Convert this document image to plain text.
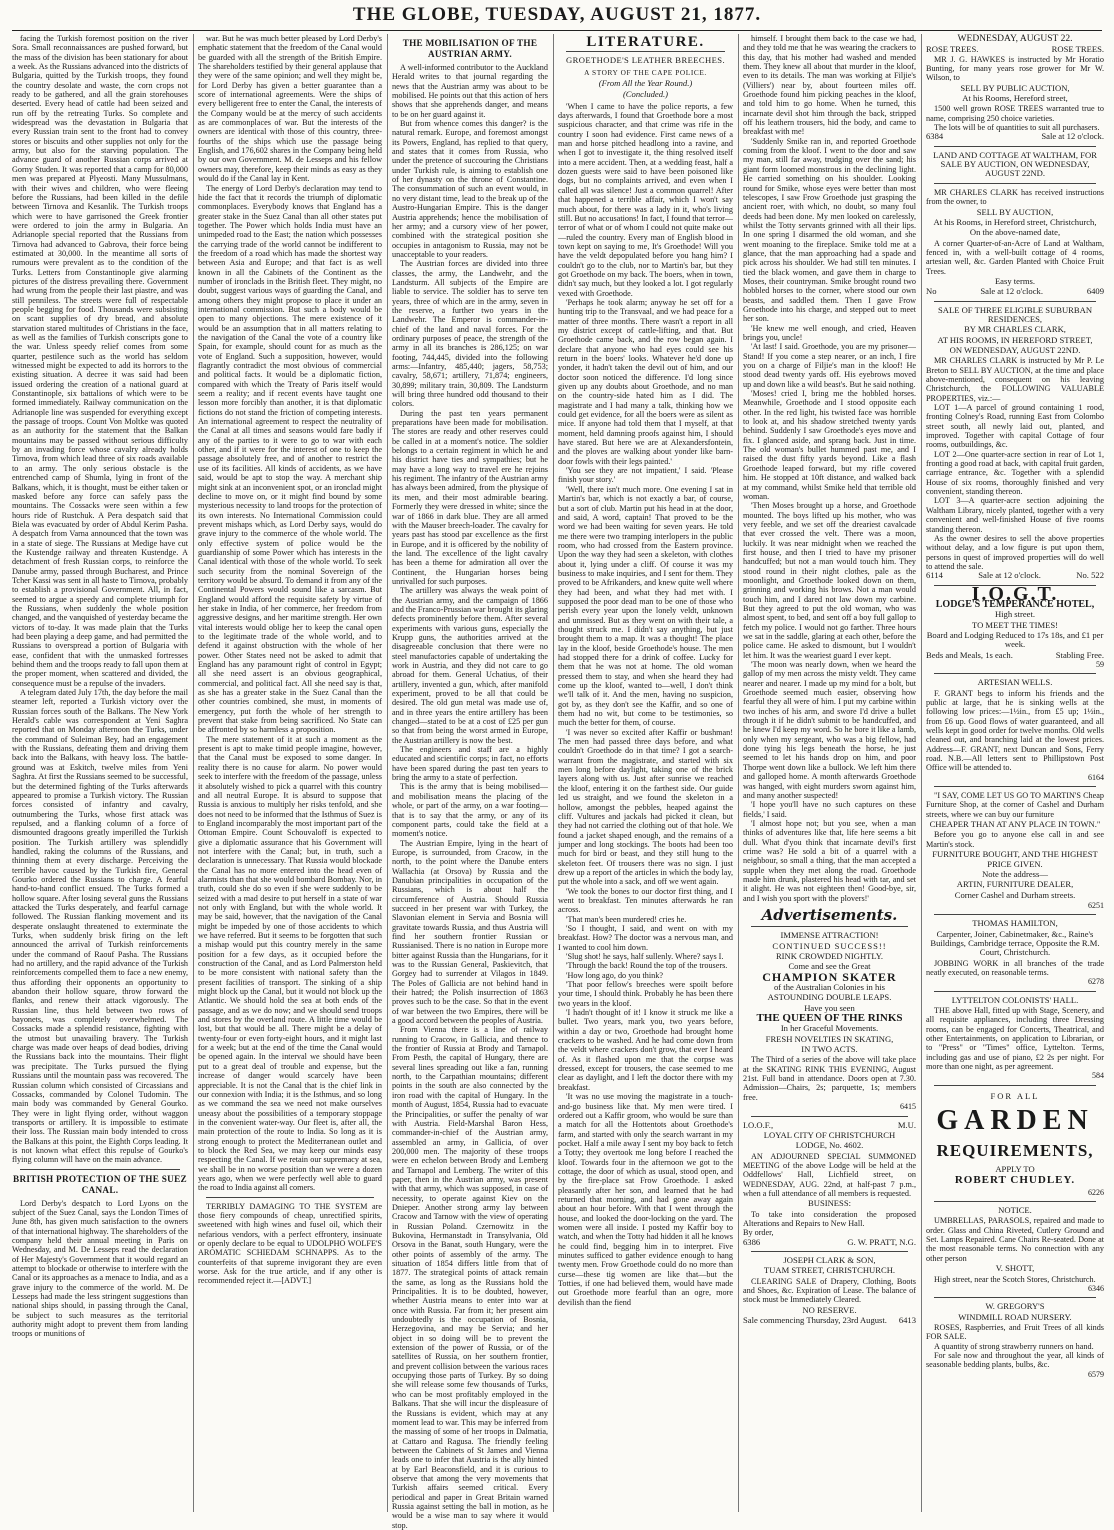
THE GLOBE, TUESDAY, AUGUST 21, 1877.

facing the Turkish foremost position on the river Sora. Small reconnaissances are pushed forward, but the mass of the division has been stationary for about a week. As the Russians advanced into the districts of Bulgaria, quitted by the Turkish troops, they found the country desolate and waste, the corn crops not ready to be gathered, and all the grain storehouses deserted. Every head of cattle had been seized and run off by the retreating Turks. So complete and widespread was the devastation in Bulgaria that every Russian train sent to the front had to convey stores or biscuits and other supplies not only for the army, but also for the starving population. The advance guard of another Russian corps arrived at Gorny Studen. It was reported that a camp for 80,000 men was prepared at Plyeosti. Many Mussulmans, with their wives and children, who were fleeing before the Russians, had been killed in the defile between Tirnova and Kesanlik. The Turkish troops which were to have garrisoned the Greek frontier were ordered to join the army in Bulgaria. An Adrianople special reported that the Russians from Tirnova had advanced to Gabrova, their force being estimated at 30,000. In the meantime all sorts of rumours were prevalent as to the condition of the Turks. Letters from Constantinople give alarming pictures of the distress prevailing there. Government had wrung from the people their last piastre, and was still penniless. The streets were full of respectable people begging for food. Thousands were subsisting on scant supplies of dry bread, and absolute starvation stared multitudes of Christians in the face, as well as the families of Turkish conscripts gone to the war. Unless speedy relief comes from some quarter, pestilence such as the world has seldom witnessed might be expected to add its horrors to the existing situation. A decree it was said had been issued ordering the creation of a national guard at Constantinople, six battalions of which were to be formed immediately. Railway communication on the Adrianople line was suspended for everything except the passage of troops. Count Von Moltke was quoted as an authority for the statement that the Balkan mountains may be passed without serious difficulty by an invading force whose cavalry already holds Tirnova, from which lead three of six roads available to an army. The only serious obstacle is the entrenched camp of Shumla, lying in front of the Balkans, which, it is thought, must be either taken or masked before any force can safely pass the mountains. The Cossacks were seen within a few hours ride of Rustchuk. A Pera despatch said that Biela was evacuated by order of Abdul Kerim Pasha. A despatch from Varna announced that the town was in a state of siege. The Russians at Medige have cut the Kustendge railway and threaten Kustendge. A detachment of fresh Russian corps, to reinforce the Danube army, passed through Bucharest, and Prince Tcher Kassi was sent in all haste to Tirnova, probably to establish a provisional Government. All, in fact, seemed to argue a speedy and complete triumph for the Russians, when suddenly the whole position changed, and the vanquished of yesterday became the victors of to-day. It was made plain that the Turks had been playing a deep game, and had permitted the Russians to overspread a portion of Bulgaria with ease, confident that with the unmasked fortresses behind them and the troops ready to fall upon them at the proper moment, when scattered and divided, the consequence must be a repulse of the invaders.

A telegram dated July 17th, the day before the mail steamer left, reported a Turkish victory over the Russian forces south of the Balkans. The New York Herald's cable was correspondent at Yeni Saghra reported that on Monday afternoon the Turks, under the command of Suleiman Bey, had an engagement with the Russians, defeating them and driving them back into the Balkans, with heavy loss. The battle-ground was at Eskitch, twelve miles from Yeni Saghra. At first the Russians seemed to be successful, but the determined fighting of the Turks afterwards appeared to promise a Turkish victory. The Russian forces consisted of infantry and cavalry, outnumbering the Turks, whose first attack was repulsed, and a flanking column of a force of dismounted dragoons greatly imperilled the Turkish position. The Turkish artillery was splendidly handled, raking the columns of the Russians, and thinning them at every discharge. Perceiving the terrible havoc caused by the Turkish fire, General Gourko ordered the Russians to charge. A fearful hand-to-hand conflict ensued. The Turks formed a hollow square. After losing several guns the Russians attacked the Turks desperately, and fearful carnage followed. The Russian flanking movement and its desperate onslaught threatened to exterminate the Turks, when suddenly brisk firing on the left announced the arrival of Turkish reinforcements under the command of Raouf Pasha. The Russians had no artillery, and the rapid advance of the Turkish reinforcements compelled them to face a new enemy, thus affording their opponents an opportunity to abandon their hollow square, throw forward the flanks, and renew their attack vigorously. The Russian line, thus held between two rows of bayonets, was completely overwhelmed. The Cossacks made a splendid resistance, fighting with the utmost but unavailing bravery. The Turkish charge was made over heaps of dead bodies, driving the Russians back into the mountains. Their flight was precipitate. The Turks pursued the flying Russians until the mountain pass was recovered. The Russian column which consisted of Circassians and Cossacks, commanded by Colonel Tudomin. The main body was commanded by General Gourko. They were in light flying order, without waggon transports or artillery. It is impossible to estimate their loss. The Russian main body intended to cross the Balkans at this point, the Eighth Corps leading. It is not known what effect this repulse of Gourko's flying column will have on the main advance.

BRITISH PROTECTION OF THE SUEZ CANAL.

Lord Derby's despatch to Lord Lyons on the subject of the Suez Canal, says the London Times of June 8th, has given much satisfaction to the owners of that international highway. The shareholders of the company held their annual meeting in Paris on Wednesday, and M. De Lesseps read the declaration of Her Majesty's Government that it would regard an attempt to blockade or otherwise to interfere with the Canal or its approaches as a menace to India, and as a grave injury to the commerce of the world. M. De Lesseps had made the less stringent suggestions than national ships should, in passing through the Canal, be subject to such measures as the territorial authority might adopt to prevent them from landing troops or munitions of

war. But he was much better pleased by Lord Derby's emphatic statement that the freedom of the Canal would be guarded with all the strength of the British Empire. The shareholders testified by their general applause that they were of the same opinion; and well they might be, for Lord Derby has given a better guarantee than a score of international agreements. Were the ships of every belligerent free to enter the Canal, the interests of the Company would be at the mercy of such accidents as are commonplaces of war. But the interests of the owners are identical with those of this country, three-fourths of the ships which use the passage being English, and 176,602 shares in the Company being held by our own Government. M. de Lesseps and his fellow owners may, therefore, keep their minds as easy as they would do if the Canal lay in Kent.

The energy of Lord Derby's declaration may tend to hide the fact that it records the triumph of diplomatic commonplaces. Everybody knows that England has a greater stake in the Suez Canal than all other states put together. The Power which holds India must have an unimpeded road to the East; the nation which possesses the carrying trade of the world cannot be indifferent to the freedom of a road which has made the shortest way between Asia and Europe; and that fact is as well known in all the Cabinets of the Continent as the number of ironclads in the British fleet. They might, no doubt, suggest various ways of guarding the Canal, and among others they might propose to place it under an international commission. But such a body would be open to many objections. The mere existence of it would be an assumption that in all matters relating to the navigation of the Canal the vote of a country like Spain, for example, should count for as much as the vote of England. Such a supposition, however, would flagrantly contradict the most obvious of commercial and political facts. It would be a diplomatic fiction, compared with which the Treaty of Paris itself would seem a reality; and if recent events have taught one lesson more forcibly than another, it is that diplomatic fictions do not stand the friction of competing interests. An international agreement to respect the neutrality of the Canal at all times and seasons would fare badly if any of the parties to it were to go to war with each other, and if it were for the interest of one to keep the passage absolutely free, and of another to restrict the use of its facilities. All kinds of accidents, as we have said, would be apt to stop the way. A merchant ship might sink at an inconvenient spot, or an ironclad might decline to move on, or it might find bound by some mysterious necessity to land troops for the protection of its own interests. No International Commission could prevent mishaps which, as Lord Derby says, would do grave injury to the commerce of the whole world. The only effective system of police would be the guardianship of some Power which has interests in the Canal identical with those of the whole world. To seek such security from the nominal Sovereign of the territory would be absurd. To demand it from any of the Continental Powers would sound like a sarcasm. But England would afford the requisite safety by virtue of her stake in India, of her commerce, her freedom from aggressive designs, and her maritime strength. Her own vital interests would oblige her to keep the canal open to the legitimate trade of the whole world, and to defend it against obstruction with the whole of her power. Other States need not be asked to admit that England has any paramount right of control in Egypt; all she need assert is an obvious geographical, commercial, and political fact. All she need say is that, as she has a greater stake in the Suez Canal than the other countries combined, she must, in moments of emergency, put forth the whole of her strength to prevent that stake from being sacrificed. No State can be affronted by so harmless a proposition.

The mere statement of it at such a moment as the present is apt to make timid people imagine, however, that the Canal must be exposed to some danger. In reality there is no cause for alarm. No power would seek to interfere with the freedom of the passage, unless it absolutely wished to pick a quarrel with this country and all neutral Europe. It is absurd to suppose that Russia is anxious to multiply her risks tenfold, and she does not need to be informed that the Isthmus of Suez is to England incomparably the most important part of the Ottoman Empire. Count Schouvaloff is expected to give a diplomatic assurance that his Government will not interfere with the Canal; but, in truth, such a declaration is unnecessary. That Russia would blockade the Canal has no more entered into the head even of alarmists than that she would bombard Bombay. Nor, in truth, could she do so even if she were suddenly to be seized with a mad desire to put herself in a state of war not only with England, but with the whole world. It may be said, however, that the navigation of the Canal might be impeded by one of those accidents to which we have referred. But it seems to be forgotten that such a mishap would put this country merely in the same position for a few days, as it occupied before the construction of the Canal, and as Lord Palmerston held to be more consistent with national safety than the present facilities of transport. The sinking of a ship might block up the Canal, but it would not block up the Atlantic. We should hold the sea at both ends of the passage, and as we do now; and we should send troops and stores by the overland route. A little time would be lost, but that would be all. There might be a delay of twenty-four or even forty-eight hours, and it might last for a week; but at the end of the time the Canal would be opened again. In the interval we should have been put to a great deal of trouble and expense, but the increase of danger would scarcely have been appreciable. It is not the Canal that is the chief link in our connexion with India; it is the Isthmus, and so long as we command the sea we need not make ourselves uneasy about the possibilities of a temporary stoppage in the convenient water-way. Our fleet is, after all, the main protection of the route to India. So long as it is strong enough to protect the Mediterranean outlet and to block the Red Sea, we may keep our minds easy respecting the Canal. If we retain our supremacy at sea, we shall be in no worse position than we were a dozen years ago, when we were perfectly well able to guard the road to India against all comers.

TERRIBLY DAMAGING TO THE SYSTEM are those fiery compounds of cheap, unrectified spirits, sweetened with high wines and fusel oil, which their nefarious vendors, with a perfect effrontery, insinuate or openly declare to be equal to UDOLPHO WOLFE'S AROMATIC SCHIEDAM SCHNAPPS. As to the counterfeits of that supreme invigorant they are even worse. Ask for the true article, and if any other is recommended reject it.—[ADVT.]

THE MOBILISATION OF THE AUSTRIAN ARMY.

A well-informed contributor to the Auckland Herald writes to that journal regarding the news that the Austrian army was about to be mobilised. He points out that this action of hers shows that she apprehends danger, and means to be on her guard against it.

But from whence comes this danger? is the natural remark. Europe, and foremost amongst its Powers, England, has replied to that query, and states that it comes from Russia, who under the pretence of succouring the Christians under Turkish rule, is aiming to establish one of her dynasty on the throne of Constantine. The consummation of such an event would, in no very distant time, lead to the break up of the Austro-Hungarian Empire. This is the danger Austria apprehends; hence the mobilisation of her army; and a cursory view of her power, combined with the strategical position she occupies in antagonism to Russia, may not be unacceptable to your readers.

The Austrian forces are divided into three classes, the army, the Landwehr, and the Landsturm. All subjects of the Empire are liable to service. The soldier has to serve ten years, three of which are in the army, seven in the reserve, a further two years in the Landwehr. The Emperor is commander-in-chief of the land and naval forces. For the ordinary purposes of peace, the strength of the army in all its branches is 286,125; on war footing, 744,445, divided into the following arms:—Infantry, 485,440; jagers, 58,753; cavalry, 58,671; artillery, 71,874; engineers, 30,899; military train, 30,809. The Landsturm will bring three hundred odd thousand to their colors.

During the past ten years permanent preparations have been made for mobilisation. The stores are ready and other reserves could be called in at a moment's notice. The soldier belongs to a certain regiment in which he and his district have ties and sympathies; but he may have a long way to travel ere he rejoins his regiment. The infantry of the Austrian army has always been admired, from the physique of its men, and their most admirable bearing. Formerly they were dressed in white; since the war of 1866 in dark blue. They are all armed with the Mauser breech-loader. The cavalry for years past has stood par excellence as the first in Europe, and it is officered by the nobility of the land. The excellence of the light cavalry has been a theme for admiration all over the Continent, the Hungarian horses being unrivalled for such purposes.

The artillery was always the weak point of the Austrian army, and the campaign of 1866 and the Franco-Prussian war brought its glaring defects prominently before them. After several experiments with various guns, especially the Krupp guns, the authorities arrived at the disagreeable conclusion that there were no steel manufactories capable of undertaking the work in Austria, and they did not care to go abroad for them. General Uchatius, of their artillery, invented a gun, which, after manifold experiment, proved to be all that could be desired. The old gun metal was made use of, and in three years the entire artillery has been changed—stated to be at a cost of £25 per gun so that from being the worst armed in Europe, the Austrian artillery is now the best.

The engineers and staff are a highly educated and scientific corps; in fact, no efforts have been spared during the past ten years to bring the army to a state of perfection.

This is the army that is being mobilised—and mobilisation means the placing of the whole, or part of the army, on a war footing—that is to say that the army, or any of its component parts, could take the field at a moment's notice.

The Austrian Empire, lying in the heart of Europe, is surrounded, from Cracow, in the north, to the point where the Danube enters Wallachia (at Orsova) by Russia and the Danubian principalities in occupation of the Russians, which is about half the circumference of Austria. Should Russia succeed in her present war with Turkey, the Slavonian element in Servia and Bosnia will gravitate towards Russia, and thus Austria will find her southern frontier Russian or Russianised. There is no nation in Europe more bitter against Russia than the Hungarians, for it was to the Russian General, Paskievitch, that Gorgey had to surrender at Vilagos in 1849. The Poles of Gallicia are not behind hand in their hatred; the Polish insurrection of 1863 proves such to be the case. So that in the event of war between the two Empires, there will be a good accord between the peoples of Austria.

From Vienna there is a line of railway running to Cracow, in Gallicia, and thence to the frontier of Russia at Brody and Tarnapol. From Pesth, the capital of Hungary, there are several lines spreading out like a fan, running north, to the Carpathian mountains; different points in the south are also connected by the iron road with the capital of Hungary. In the month of August, 1854, Russia had to evacuate the Principalities, or suffer the penalty of war with Austria. Field-Marshal Baron Hess, commander-in-chief of the Austrian army, assembled an army, in Gallicia, of over 200,000 men. The majority of these troops were en echelon between Brody and Lemberg and Tarnapol and Lemberg. The writer of this paper, then in the Austrian army, was present with that army, which was supposed, in case of necessity, to operate against Kiev on the Dnieper. Another strong army lay between Cracow and Tarnow with the view of operating in Russian Poland. Czernowitz in the Bukovina, Hermanstadt in Transylvania, Old Orsova in the Banat, south Hungary, were the other points of assembly of the army. The situation of 1854 differs little from that of 1877. The strategical points of attack remain the same, as long as the Russians hold the Principalities. It is to be doubted, however, whether Austria means to enter into war at once with Russia. Far from it; her present aim undoubtedly is the occupation of Bosnia, Herzegovina, and may be Servia; and her object in so doing will be to prevent the extension of the power of Russia, or of the satellites of Russia, on her southern frontier, and prevent collision between the various races occupying those parts of Turkey. By so doing she will release some few thousands of Turks, who can be most profitably employed in the Balkans. That she will incur the displeasure of the Russians is evident, which may at any moment lead to war. This may be inferred from the massing of some of her troops in Dalmatia, at Cattaro and Ragusa. The friendly feeling between the Cabinets of St James and Vienna leads one to infer that Austria is the ally hinted at by Earl Beaconsfield, and it is curious to observe that among the very movements that Turkish affairs seemed critical. Every periodical and paper in Great Britain warned Russia against setting the ball in motion, as he would be a wise man to say where it would stop.

LITERATURE.
GROETHODE'S LEATHER BREECHES.
A STORY OF THE CAPE POLICE.
(From All the Year Round.)
(Concluded.)

'When I came to have the police reports, a few days afterwards, I found that Groethode bore a most suspicious character, and that crime was rife in the country I soon had evidence. First came news of a man and horse pitched headlong into a ravine, and when I got to investigate it, the thing resolved itself into a mere accident. Then, at a wedding feast, half a dozen guests were said to have been poisoned like dogs, but no complaints arrived, and even when I called all was silence! Just a common quarrel! After that happened a terrible affair, which I won't say much about, for there was a lady in it, who's living still. But no accusations! In fact, I found that terror—terror of what or of whom I could not quite make out—ruled the country. Every man of English blood in town kept on saying to me, It's Groethode! Will you have the veldt depopulated before you hang him? I couldn't go to the club, nor to Martin's bar, but they got Groethode on my back. The boers, when in town, didn't say much, but they looked a lot. I got regularly vexed with Groethode.

'Perhaps he took alarm; anyway he set off for a hunting trip to the Transvaal, and we had peace for a matter of three months. There wasn't a report in all my district except of cattle-lifting, and that. But Groethode came back, and the row began again. I declare that anyone who had eyes could see his return in the boers' looks. Whatever he'd done up yonder, it hadn't taken the devil out of him, and our doctor soon noticed the difference. I'd long since given up any doubts about Groethode, and no man on the country-side hated him as I did. The magistrate and I had many a talk, thinking how we could get evidence, for all the boers were as silent as mice. If anyone had told them that I myself, at that moment, held damning proofs against him, I should have stared. But here we are at Alexandersfontein, and the ploves are walking about yonder like barn-door fowls with their legs painted.'

'You see they are not impatient,' I said. 'Please finish your story.'

'Well, there isn't much more. One evening I sat in Martin's bar, which is not exactly a bar, of course, but a sort of club. Martin put his head in at the door, and said, A word, captain! That proved to be the word we had been waiting for seven years. He told me there were two tramping interlopers in the public room, who had crossed from the Eastern province. Upon the way they had seen a skeleton, with clothes about it, lying under a cliff. Of course it was my business to make inquiries, and I sent for them. They proved to be Afrikanders, and knew quite well where they had been, and what they had met with. I supposed the poor dead man to be one of those who perish every year upon the lonely veldt, unknown and unmissed. But as they went on with their tale, a thought struck me. I didn't say anything, but just brought them to a map. It was a thought! The place lay in the kloof, beside Groethode's house. The men had stopped there for a drink of coffee. Lucky for them that he was not at home. The old woman pressed them to stay, and when she heard they had come up the kloof, wanted to—well, I don't think we'll talk of it. And the men, having no suspicion, got by, as they don't see the Kaffir, and so one of them had no wit, but come to be testimonies, so much the better for them, of course.

'I was never so excited after Kaffir or bushman! The men had passed three days before, and what couldn't Groethode do in that time? I got a search-warrant from the magistrate, and started with six men long before daylight, taking one of the brick layers along with us. Just after sunrise we reached the kloof, entering it on the farthest side. Our guide led us straight, and we found the skeleton in a hollow, amongst the pebbles, heaped against the cliff. Vultures and jackals had picked it clean, but they had not carried the clothing out of that hole. We found a jacket shaped enough, and the remains of a jumper and long stockings. The boots had been too much for bird or beast, and they still hung to the skeleton feet. Of trousers there was no sign. I just drew up a report of the articles in which the body lay, put the whole into a sack, and off we went again.

'We took the bones to our doctor first thing, and I went to breakfast. Ten minutes afterwards he ran across.

'That man's been murdered! cries he.

'So I thought, I said, and went on with my breakfast. How? The doctor was a nervous man, and I wanted to cool him down.

'Slug shot! he says, half sullenly. Where? says I.

'Through the back! Round the top of the trousers.

'How long ago, do you think?

'That poor fellow's breeches were spoilt before your time, I should think. Probably he has been there two years in the kloof.

'I hadn't thought of it! I know it struck me like a bullet. Two years, mark you, two years before, within a day or two, Groethode had brought home crackers to be washed. And he had come down from the veldt where crackers don't grow, that ever I heard of. As it flashed upon me that the corpse was dressed, except for trousers, the case seemed to me clear as daylight, and I left the doctor there with my breakfast.

'It was no use moving the magistrate in a touch-and-go business like that. My men were tired. I ordered out a Kaffir groom, who would be sure than a match for all the Hottentots about Groethode's farm, and started with only the search warrant in my pocket. Half a mile away I sent my boy back to fetch a Totty; they overtook me long before I reached the kloof. Towards four in the afternoon we got to the cottage, the door of which as usual, stood open, and by the fire-place sat Frow Groethode. I asked pleasantly after her son, and learned that he had returned that morning, and had gone away again about an hour before. With that I went through the house, and looked the door-locking on the yard. The women were all inside. I posted my Kaffir boy to watch, and when the Totty had hidden it all he knows he could find, begging him in to interpret. Five minutes sufficed to gather evidence enough to hang twenty men. Frow Groethode could do no more than curse—these tig women are like that—but the Totties, if one had believed them, would have made out Groethode more fearful than an ogre, more devilish than the fiend

himself. I brought them back to the case we had, and they told me that he was wearing the crackers to this day, that his mother had washed and mended them. They knew all about that murder in the kloof, even to its details. The man was working at Filjie's (Villiers') near by, about fourteen miles off. Groethode found him picking peaches in the kloof, and told him to go home. When he turned, this incarnate devil shot him through the back, stripped off his leathern trousers, hid the body, and came to breakfast with me!

'Suddenly Smike ran in, and reported Groethode coming from the kloof. I went to the door and saw my man, still far away, trudging over the sand; his giant form loomed monstrous in the declining light. He carried something on his shoulder. Looking round for Smike, whose eyes were better than most telescopes, I saw Frow Groethode just grasping the ancient roer, with which, no doubt, so many foul deeds had been done. My men looked on carelessly, whilst the Totty servants grinned with all their lips. In one spring I disarmed the old woman, and she went moaning to the fireplace. Smike told me at a glance, that the man approaching had a spade and pick across his shoulder. We had still ten minutes. I tied the black women, and gave them in charge to Moses, their countryman. Smike brought round two hobbled horses to the corner, where stood our own beasts, and saddled them. Then I gave Frow Groethode into his charge, and stepped out to meet her son.

'He knew me well enough, and cried, Heaven brings you, uncle!

'At last! I said. Groethode, you are my prisoner—Stand! If you come a step nearer, or an inch, I fire you on a charge of Filjie's man in the kloof! He stood dead twenty yards off. His eyebrows moved up and down like a wild beast's. But he said nothing.

'Moses! cried I, bring me the hobbled horses. Meanwhile, Groethode and I stood opposite each other. In the red light, his twisted face was horrible to look at, and his shadow stretched twenty yards behind. Suddenly I saw Groethode's eyes move and fix. I glanced aside, and sprang back. Just in time. The old woman's bullet hummed past me, and I raised the dust fifty yards beyond. Like a flash Groethode leaped forward, but my rifle covered him. He stopped at 10ft distance, and walked back at my command, whilst Smike held that terrible old woman.

'Then Moses brought up a horse, and Groethode mounted. The boys lifted up his mother, who was very feeble, and we set off the dreariest cavalcade that ever crossed the velt. There was a moon, luckily. It was near midnight when we reached the first house, and then I tried to have my prisoner handcuffed; but not a man would touch him. They stood round in their night clothes, pale as the moonlight, and Groethode looked down on them, grinning and working his brows. Not a man would touch him, and I dared not law down my carbine. But they agreed to put the old woman, who was almost spent, to bed, and sent off a boy full gallop to fetch my police. I would not go farther. Three hours we sat in the saddle, glaring at each other, before the police came. He asked to dismount, but I wouldn't let him. It was the weariest guard I ever kept.

'The moon was nearly down, when we heard the gallop of my men across the misty veldt. They came nearer and nearer. I made up my mind for a bolt, but Groethode seemed much easier, observing how fearful they all were of him. I put my carbine within two inches of his arm, and swore I'd drive a bullet through it if he didn't submit to be handcuffed, and he knew I'd keep my word. So he bore it like a lamb, only when my sergeant, who was a big fellow, had done tying his legs beneath the horse, he just seemed to let his hands drop on him, and poor Thorpe went down like a bullock. We left him there and galloped home. A month afterwards Groethode was hanged, with eight murders sworn against him, and many another suspected!

'I hope you'll have no such captures on these fields,' I said.

'I almost hope not; but you see, when a man thinks of adventures like that, life here seems a bit dull. What d'you think that incarnate devil's first crime was? He sold a bit of a quarrel with a neighbour, so small a thing, that the man accepted a supple when they met along the road. Groethode made him drunk, plastered his head with tar, and set it alight. He was not eighteen then! Good-bye, sir, and I wish you sport with the plovers!'

Advertisements.
IMMENSE ATTRACTION!
CONTINUED SUCCESS!!
RINK CROWDED NIGHTLY.
Come and see the Great
CHAMPION SKATER
of the Australian Colonies in his
ASTOUNDING DOUBLE LEAPS.
Have you seen
THE QUEEN OF THE RINKS
In her Graceful Movements.
FRESH NOVELTIES IN SKATING,
IN TWO ACTS.

The Third of a series of the above will take place at the SKATING RINK THIS EVENING, August 21st. Full band in attendance. Doors open at 7.30. Admission—Chairs, 2s; parquette, 1s; members free.

6415
I.O.O.F.,	M.U.
LOYAL CITY OF CHRISTCHURCH
LODGE, No. 4602.

AN ADJOURNED SPECIAL SUMMONED MEETING of the above Lodge will be held at the Oddfellows' Hall, Lichfield street, on WEDNESDAY, AUG. 22nd, at half-past 7 p.m., when a full attendance of all members is requested.

BUSINESS:

To take into consideration the proposed Alterations and Repairs to New Hall.

By order,
6386	G. W. PRATT, N.G.
JOSEPH CLARK & SON,
TUAM STREET, CHRISTCHURCH.

CLEARING SALE of Drapery, Clothing, Boots and Shoes, &c. Expiration of Lease. The balance of stock must be Immediately Cleared.

NO RESERVE.
Sale commencing Thursday, 23rd August. 6413
WEDNESDAY, AUGUST 22.
ROSE TREES.	ROSE TREES.

MR J. G. HAWKES is instructed by Mr Horatio Bunting, for many years rose grower for Mr W. Wilson, to

SELL BY PUBLIC AUCTION,
At his Rooms, Hereford street,

1500 well grown ROSE TREES warranted true to name, comprising 250 choice varieties.

The lots will be of quantities to suit all purchasers.

6384	Sale at 12 o'clock.
LAND AND COTTAGE AT WALTHAM, FOR SALE BY AUCTION, ON WEDNESDAY, AUGUST 22ND.

MR CHARLES CLARK has received instructions from the owner, to

SELL BY AUCTION,
At his Rooms, in Hereford street, Christchurch,
On the above-named date,

A corner Quarter-of-an-Acre of Land at Waltham, fenced in, with a well-built cottage of 4 rooms, artesian well, &c. Garden Planted with Choice Fruit Trees.

Easy terms.
No	Sale at 12 o'clock.	6409
SALE OF THREE ELIGIBLE SUBURBAN RESIDENCES,
BY MR CHARLES CLARK,
AT HIS ROOMS, IN HEREFORD STREET,
ON WEDNESDAY, AUGUST 22ND.

MR CHARLES CLARK is instructed by Mr P. Le Breton to SELL BY AUCTION, at the time and place above-mentioned, consequent on his leaving Christchurch, the FOLLOWING VALUABLE PROPERTIES, viz.:—

LOT 1—A parcel of ground containing 1 rood, fronting Colney's Road, running East from Colombo street south, all newly laid out, planted, and improved. Together with capital Cottage of four rooms, outbuildings, &c.

LOT 2—One quarter-acre section in rear of Lot 1, fronting a good road at back, with capital fruit garden, carriage entrance, &c. Together with a splendid House of six rooms, thoroughly finished and very convenient, standing thereon.

LOT 3—A quarter-acre section adjoining the Waltham Library, nicely planted, together with a very convenient and well-finished House of five rooms standing thereon.

As the owner desires to sell the above properties without delay, and a low figure is put upon them, persons in quest of improved properties will do well to attend the sale.

6114	Sale at 12 o'clock.	No. 522
I.O.G.T.
LODGE'S TEMPERANCE HOTEL,
High street.
TO MEET THE TIMES!
Board and Lodging Reduced to 17s 18s, and £1 per week.
Beds and Meals, 1s each.	Stabling Free.
59
ARTESIAN WELLS.

F. GRANT begs to inform his friends and the public at large, that he is sinking wells at the following low prices:—1½in., from £5 up; 1½in., from £6 up. Good flows of water guaranteed, and all wells kept in good order for twelve months. Old wells cleaned out, and branching laid at the lowest prices. Address—F. GRANT, next Duncan and Sons, Ferry road. N.B.—All letters sent to Phillipstown Post Office will be attended to.

6164

"I SAY, COME LET US GO TO MARTIN'S Cheap Furniture Shop, at the corner of Cashel and Durham streets, where we can buy our furniture

CHEAPER THAN AT ANY PLACE IN TOWN."

Before you go to anyone else call in and see Martin's stock.

FURNITURE BOUGHT, AND THE HIGHEST PRICE GIVEN.
Note the address—
ARTIN, FURNITURE DEALER,
Corner Cashel and Durham streets.
6251
THOMAS HAMILTON,
Carpenter, Joiner, Cabinetmaker, &c., Raine's Buildings, Cambridge terrace, Opposite the R.M. Court, Christchurch.

JOBBING WORK in all branches of the trade neatly executed, on reasonable terms.

6278
LYTTELTON COLONISTS' HALL.

THE above Hall, fitted up with Stage, Scenery, and all requisite appliances, including three Dressing rooms, can be engaged for Concerts, Theatrical, and other Entertainments, on application to Librarian, or to "Press" or "Times" office, Lyttelton. Terms, including gas and use of piano, £2 2s per night. For more than one night, as per agreement.

584
FOR ALL
GARDEN
REQUIREMENTS,
APPLY TO
ROBERT CHUDLEY.
6226
NOTICE.

UMBRELLAS, PARASOLS, repaired and made to order. Glass and China Riveted, Cutlery Ground and Set. Lamps Repaired. Cane Chairs Re-seated. Done at the most reasonable terms. No connection with any other person

V. SHOTT,

High street, near the Scotch Stores, Christchurch.

6346
W. GREGORY'S
WINDMILL ROAD NURSERY.

ROSES, Raspberries, and Fruit Trees of all kinds FOR SALE.

A quantity of strong strawberry runners on hand.

For sale now and throughout the year, all kinds of seasonable bedding plants, bulbs, &c.

6579
